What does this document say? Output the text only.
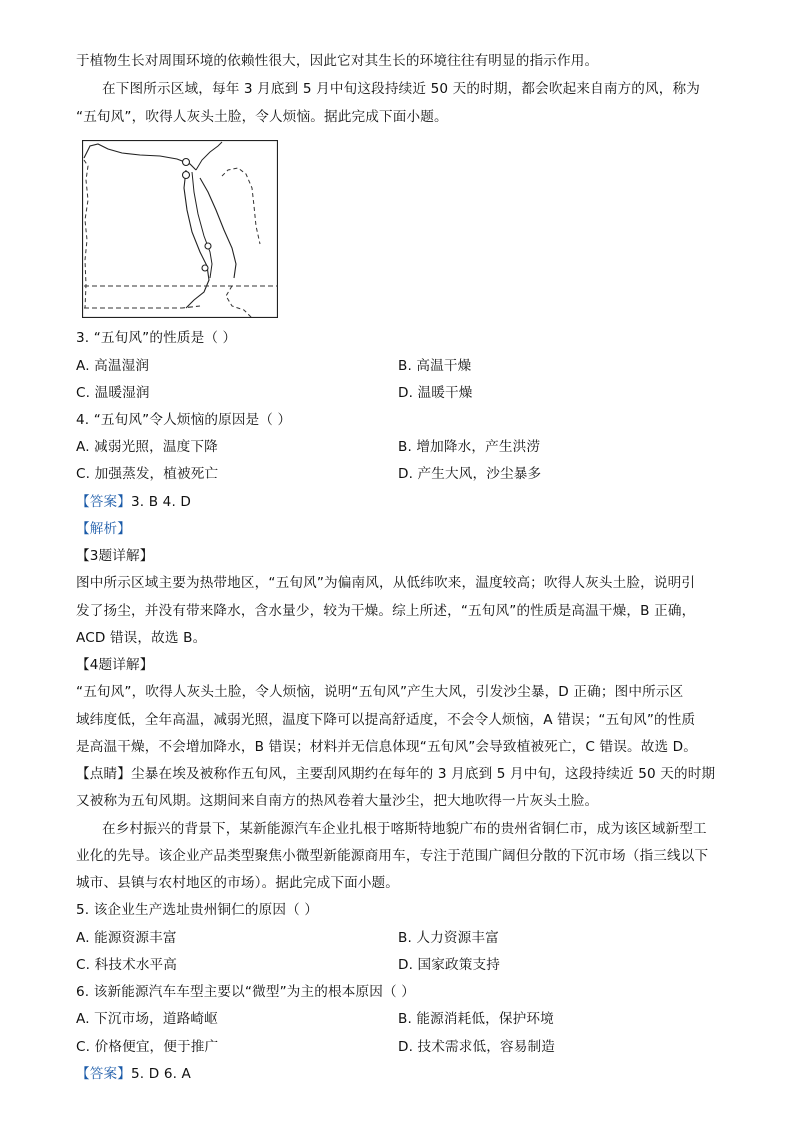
于植物生长对周围环境的依赖性很大，因此它对其生长的环境往往有明显的指示作用。
在下图所示区域，每年 3 月底到 5 月中旬这段持续近 50 天的时期，都会吹起来自南方的风，称为
“五旬风”，吹得人灰头土脸，令人烦恼。据此完成下面小题。
3. “五旬风”的性质是（ ）
A. 高温湿润	B. 高温干燥
C. 温暖湿润	D. 温暖干燥
4. “五旬风”令人烦恼的原因是（ ）
A. 减弱光照，温度下降	B. 增加降水，产生洪涝
C. 加强蒸发，植被死亡	D. 产生大风，沙尘暴多
【答案】3. B 4. D
【解析】
【3题详解】
图中所示区域主要为热带地区，“五旬风”为偏南风，从低纬吹来，温度较高；吹得人灰头土脸，说明引
发了扬尘，并没有带来降水，含水量少，较为干燥。综上所述，“五旬风”的性质是高温干燥，B 正确，
ACD 错误，故选 B。
【4题详解】
“五旬风”，吹得人灰头土脸，令人烦恼，说明“五旬风”产生大风，引发沙尘暴，D 正确；图中所示区
域纬度低，全年高温，减弱光照，温度下降可以提高舒适度，不会令人烦恼，A 错误；“五旬风”的性质
是高温干燥，不会增加降水，B 错误；材料并无信息体现“五旬风”会导致植被死亡，C 错误。故选 D。
【点睛】尘暴在埃及被称作五旬风，主要刮风期约在每年的 3 月底到 5 月中旬，这段持续近 50 天的时期
又被称为五旬风期。这期间来自南方的热风卷着大量沙尘，把大地吹得一片灰头土脸。
在乡村振兴的背景下，某新能源汽车企业扎根于喀斯特地貌广布的贵州省铜仁市，成为该区域新型工
业化的先导。该企业产品类型聚焦小微型新能源商用车，专注于范围广阔但分散的下沉市场（指三线以下
城市、县镇与农村地区的市场）。据此完成下面小题。
5. 该企业生产选址贵州铜仁的原因（ ）
A. 能源资源丰富	B. 人力资源丰富
C. 科技术水平高	D. 国家政策支持
6. 该新能源汽车车型主要以“微型”为主的根本原因（ ）
A. 下沉市场，道路崎岖	B. 能源消耗低，保护环境
C. 价格便宜，便于推广	D. 技术需求低，容易制造
【答案】5. D 6. A
